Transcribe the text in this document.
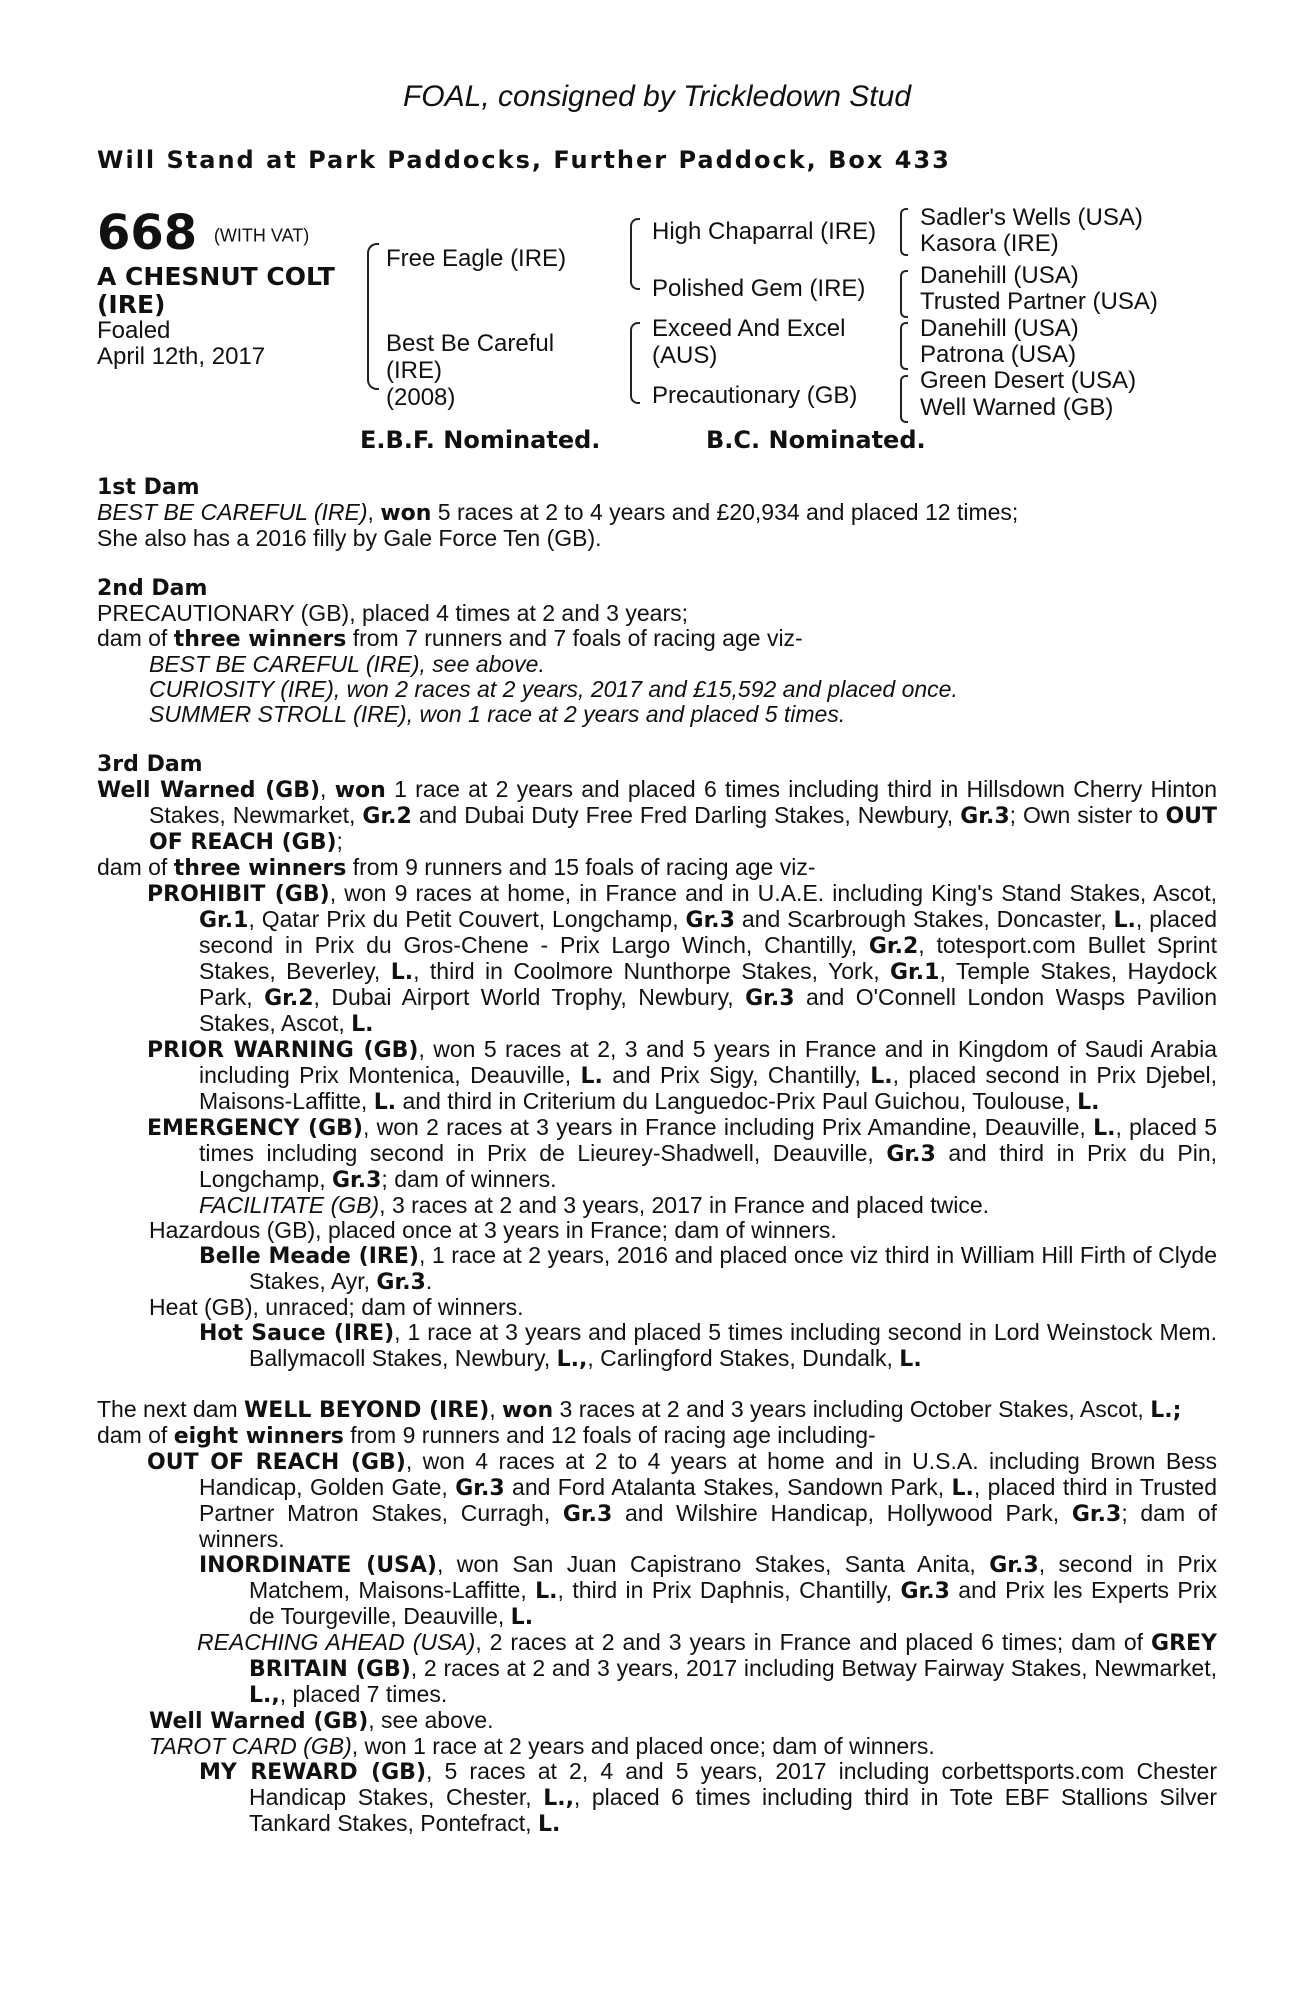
FOAL, consigned by Trickledown Stud
Will Stand at Park Paddocks, Further Paddock, Box 433
668 (WITH VAT)
A CHESNUT COLT
(IRE)
Foaled
April 12th, 2017
Free Eagle (IRE)
Best Be Careful
(IRE)
(2008)
High Chaparral (IRE)
Polished Gem (IRE)
Exceed And Excel
(AUS)
Precautionary (GB)
Sadler's Wells (USA)
Kasora (IRE)
Danehill (USA)
Trusted Partner (USA)
Danehill (USA)
Patrona (USA)
Green Desert (USA)
Well Warned (GB)
E.B.F. Nominated.	B.C. Nominated.

1st Dam

BEST BE CAREFUL (IRE), won 5 races at 2 to 4 years and £20,934 and placed 12 times;

She also has a 2016 filly by Gale Force Ten (GB).

2nd Dam

PRECAUTIONARY (GB), placed 4 times at 2 and 3 years;

dam of three winners from 7 runners and 7 foals of racing age viz-

BEST BE CAREFUL (IRE), see above.

CURIOSITY (IRE), won 2 races at 2 years, 2017 and £15,592 and placed once.

SUMMER STROLL (IRE), won 1 race at 2 years and placed 5 times.

3rd Dam

Well Warned (GB), won 1 race at 2 years and placed 6 times including third in Hillsdown Cherry Hinton Stakes, Newmarket, Gr.2 and Dubai Duty Free Fred Darling Stakes, Newbury, Gr.3; Own sister to OUT OF REACH (GB);

dam of three winners from 9 runners and 15 foals of racing age viz-

PROHIBIT (GB), won 9 races at home, in France and in U.A.E. including King's Stand Stakes, Ascot, Gr.1, Qatar Prix du Petit Couvert, Longchamp, Gr.3 and Scarbrough Stakes, Doncaster, L., placed second in Prix du Gros-Chene - Prix Largo Winch, Chantilly, Gr.2, totesport.com Bullet Sprint Stakes, Beverley, L., third in Coolmore Nunthorpe Stakes, York, Gr.1, Temple Stakes, Haydock Park, Gr.2, Dubai Airport World Trophy, Newbury, Gr.3 and O'Connell London Wasps Pavilion Stakes, Ascot, L.

PRIOR WARNING (GB), won 5 races at 2, 3 and 5 years in France and in Kingdom of Saudi Arabia including Prix Montenica, Deauville, L. and Prix Sigy, Chantilly, L., placed second in Prix Djebel, Maisons-Laffitte, L. and third in Criterium du Languedoc-Prix Paul Guichou, Toulouse, L.

EMERGENCY (GB), won 2 races at 3 years in France including Prix Amandine, Deauville, L., placed 5 times including second in Prix de Lieurey-Shadwell, Deauville, Gr.3 and third in Prix du Pin, Longchamp, Gr.3; dam of winners.

FACILITATE (GB), 3 races at 2 and 3 years, 2017 in France and placed twice.

Hazardous (GB), placed once at 3 years in France; dam of winners.

Belle Meade (IRE), 1 race at 2 years, 2016 and placed once viz third in William Hill Firth of Clyde Stakes, Ayr, Gr.3.

Heat (GB), unraced; dam of winners.

Hot Sauce (IRE), 1 race at 3 years and placed 5 times including second in Lord Weinstock Mem. Ballymacoll Stakes, Newbury, L.,, Carlingford Stakes, Dundalk, L.

The next dam WELL BEYOND (IRE), won 3 races at 2 and 3 years including October Stakes, Ascot, L.;

dam of eight winners from 9 runners and 12 foals of racing age including-

OUT OF REACH (GB), won 4 races at 2 to 4 years at home and in U.S.A. including Brown Bess Handicap, Golden Gate, Gr.3 and Ford Atalanta Stakes, Sandown Park, L., placed third in Trusted Partner Matron Stakes, Curragh, Gr.3 and Wilshire Handicap, Hollywood Park, Gr.3; dam of winners.

INORDINATE (USA), won San Juan Capistrano Stakes, Santa Anita, Gr.3, second in Prix Matchem, Maisons-Laffitte, L., third in Prix Daphnis, Chantilly, Gr.3 and Prix les Experts Prix de Tourgeville, Deauville, L.

REACHING AHEAD (USA), 2 races at 2 and 3 years in France and placed 6 times; dam of GREY BRITAIN (GB), 2 races at 2 and 3 years, 2017 including Betway Fairway Stakes, Newmarket, L.,, placed 7 times.

Well Warned (GB), see above.

TAROT CARD (GB), won 1 race at 2 years and placed once; dam of winners.

MY REWARD (GB), 5 races at 2, 4 and 5 years, 2017 including corbettsports.com Chester Handicap Stakes, Chester, L.,, placed 6 times including third in Tote EBF Stallions Silver Tankard Stakes, Pontefract, L.
